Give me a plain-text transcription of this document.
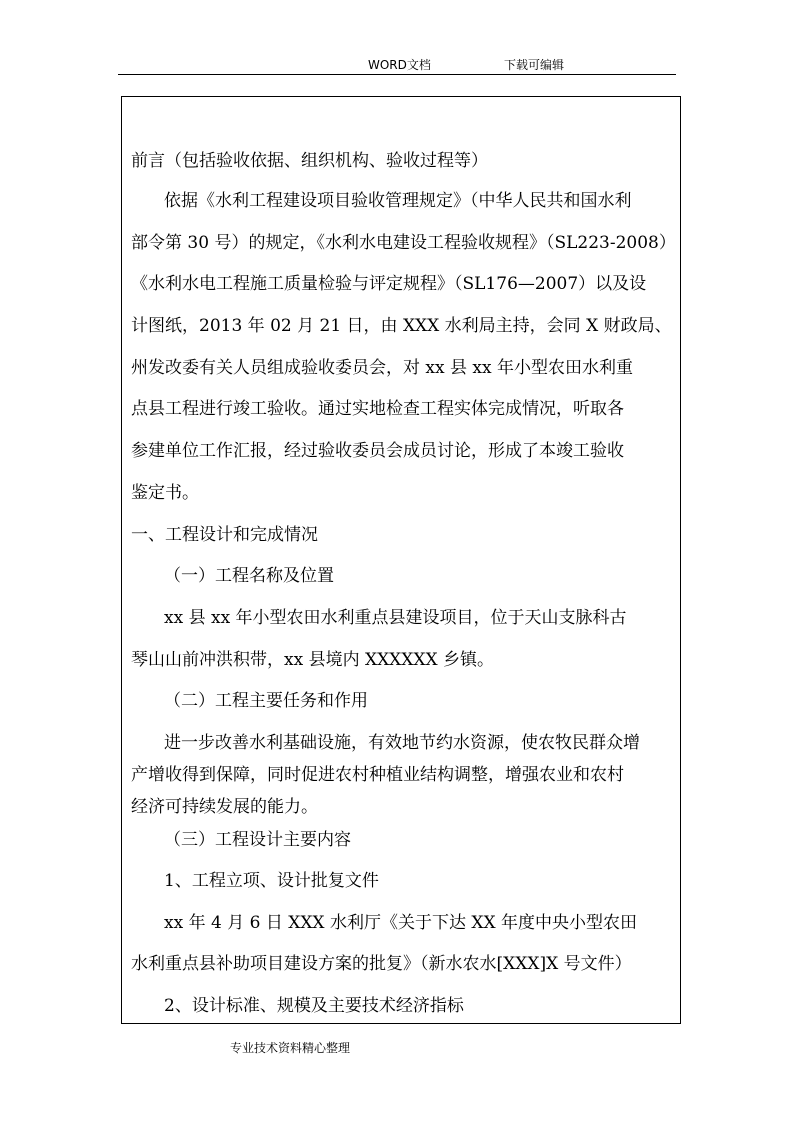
WORD文档	下载可编辑
前言（包括验收依据、组织机构、验收过程等）
依据《水利工程建设项目验收管理规定》（中华人民共和国水利
部令第 30 号）的规定，《水利水电建设工程验收规程》（SL223-2008）
《水利水电工程施工质量检验与评定规程》（SL176—2007）以及设
计图纸，2013 年 02 月 21 日，由 XXX 水利局主持，会同 X 财政局、
州发改委有关人员组成验收委员会，对 xx 县 xx 年小型农田水利重
点县工程进行竣工验收。通过实地检查工程实体完成情况，听取各
参建单位工作汇报，经过验收委员会成员讨论，形成了本竣工验收
鉴定书。
一、工程设计和完成情况
（一）工程名称及位置
xx 县 xx 年小型农田水利重点县建设项目，位于天山支脉科古
琴山山前冲洪积带，xx 县境内 XXXXXX 乡镇。
（二）工程主要任务和作用
进一步改善水利基础设施，有效地节约水资源，使农牧民群众增
产增收得到保障，同时促进农村种植业结构调整，增强农业和农村
经济可持续发展的能力。
（三）工程设计主要内容
1、工程立项、设计批复文件
xx 年 4 月 6 日 XXX 水利厅《关于下达 XX 年度中央小型农田
水利重点县补助项目建设方案的批复》（新水农水[XXX]X 号文件）
2、设计标准、规模及主要技术经济指标
专业技术资料精心整理
